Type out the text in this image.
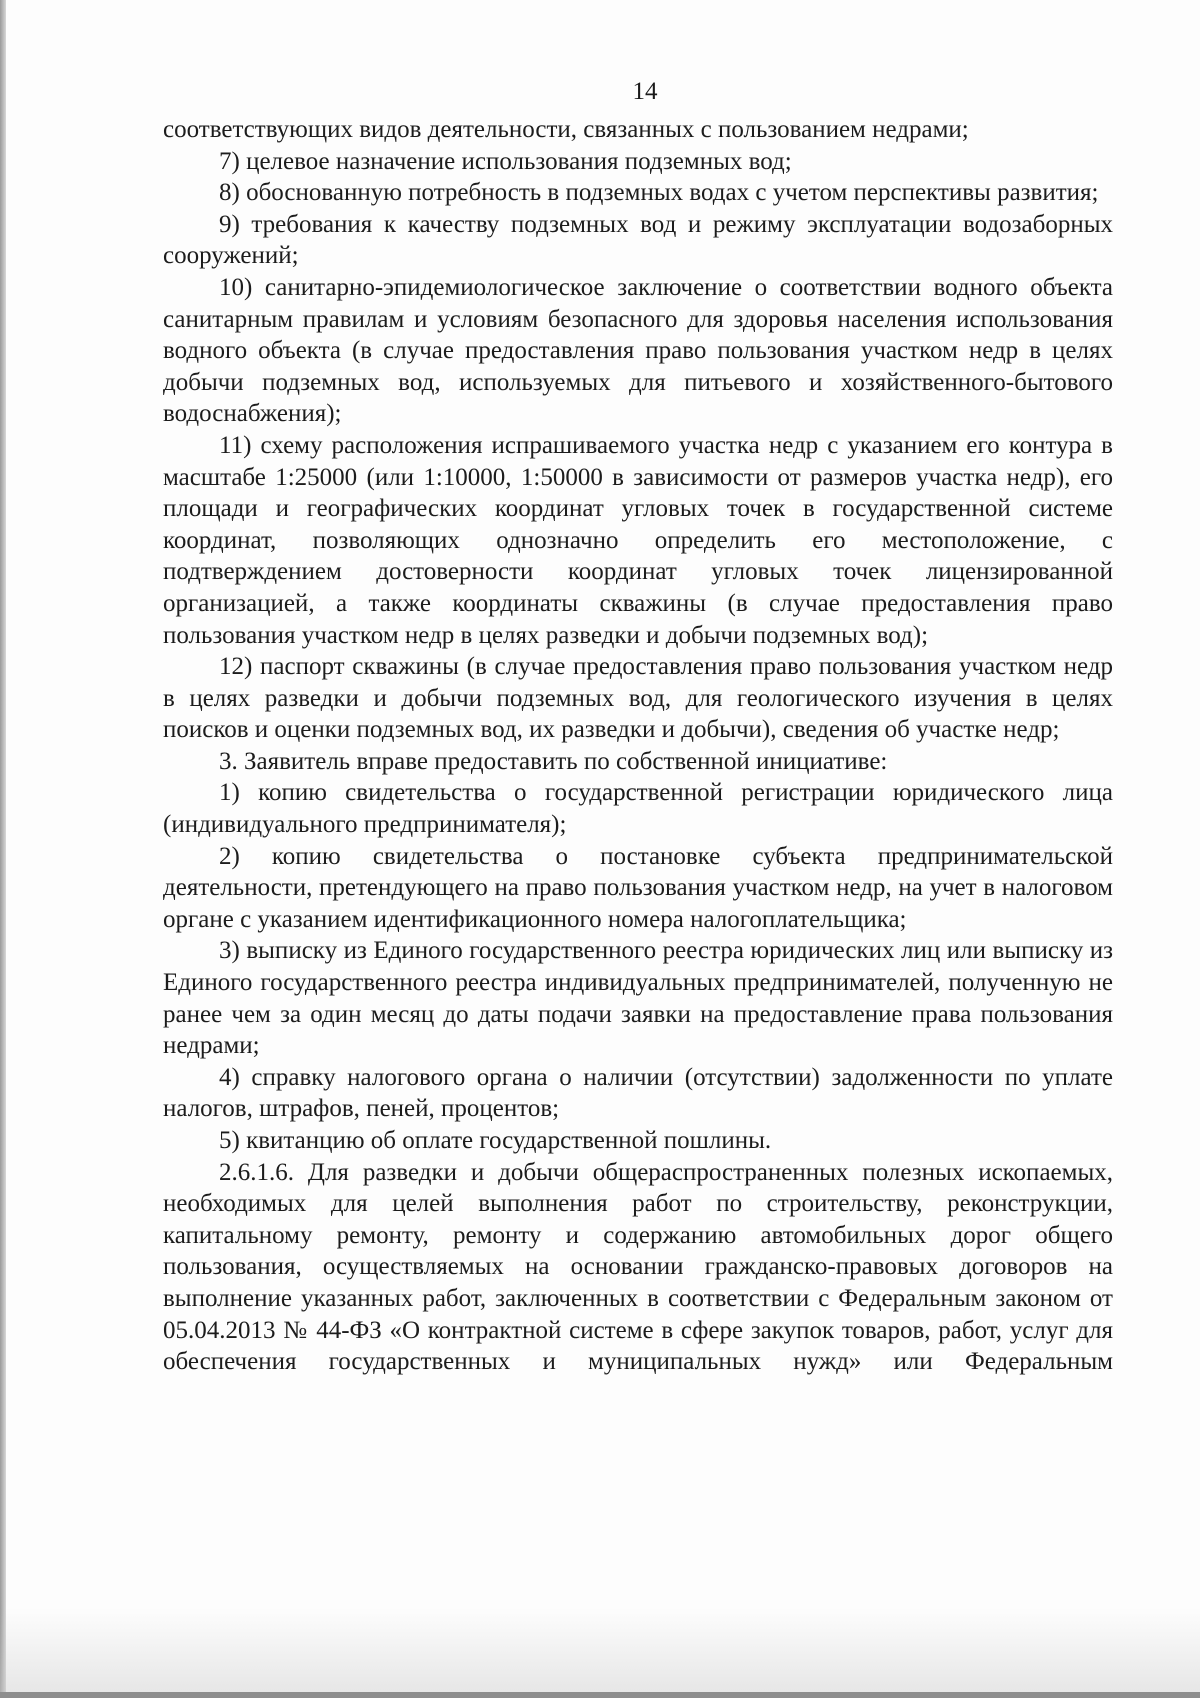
14

соответствующих видов деятельности, связанных с пользованием недрами;

7) целевое назначение использования подземных вод;

8) обоснованную потребность в подземных водах с учетом перспективы развития;

9) требования к качеству подземных вод и режиму эксплуатации водозаборных сооружений;

10) санитарно-эпидемиологическое заключение о соответствии водного объекта санитарным правилам и условиям безопасного для здоровья населения использования водного объекта (в случае предоставления право пользования участком недр в целях добычи подземных вод, используемых для питьевого и хозяйственного-бытового водоснабжения);

11) схему расположения испрашиваемого участка недр с указанием его контура в масштабе 1:25000 (или 1:10000, 1:50000 в зависимости от размеров участка недр), его площади и географических координат угловых точек в государственной системе координат, позволяющих однозначно определить его местоположение, с подтверждением достоверности координат угловых точек лицензированной организацией, а также координаты скважины (в случае предоставления право пользования участком недр в целях разведки и добычи подземных вод);

12) паспорт скважины (в случае предоставления право пользования участком недр в целях разведки и добычи подземных вод, для геологического изучения в целях поисков и оценки подземных вод, их разведки и добычи), сведения об участке недр;

3. Заявитель вправе предоставить по собственной инициативе:

1) копию свидетельства о государственной регистрации юридического лица (индивидуального предпринимателя);

2) копию свидетельства о постановке субъекта предпринимательской деятельности, претендующего на право пользования участком недр, на учет в налоговом органе с указанием идентификационного номера налогоплательщика;

3) выписку из Единого государственного реестра юридических лиц или выписку из Единого государственного реестра индивидуальных предпринимателей, полученную не ранее чем за один месяц до даты подачи заявки на предоставление права пользования недрами;

4) справку налогового органа о наличии (отсутствии) задолженности по уплате налогов, штрафов, пеней, процентов;

5) квитанцию об оплате государственной пошлины.

2.6.1.6. Для разведки и добычи общераспространенных полезных ископаемых, необходимых для целей выполнения работ по строительству, реконструкции, капитальному ремонту, ремонту и содержанию автомобильных дорог общего пользования, осуществляемых на основании гражданско-правовых договоров на выполнение указанных работ, заключенных в соответствии с Федеральным законом от 05.04.2013 № 44-ФЗ «О контрактной системе в сфере закупок товаров, работ, услуг для обеспечения государственных и муниципальных нужд» или Федеральным
